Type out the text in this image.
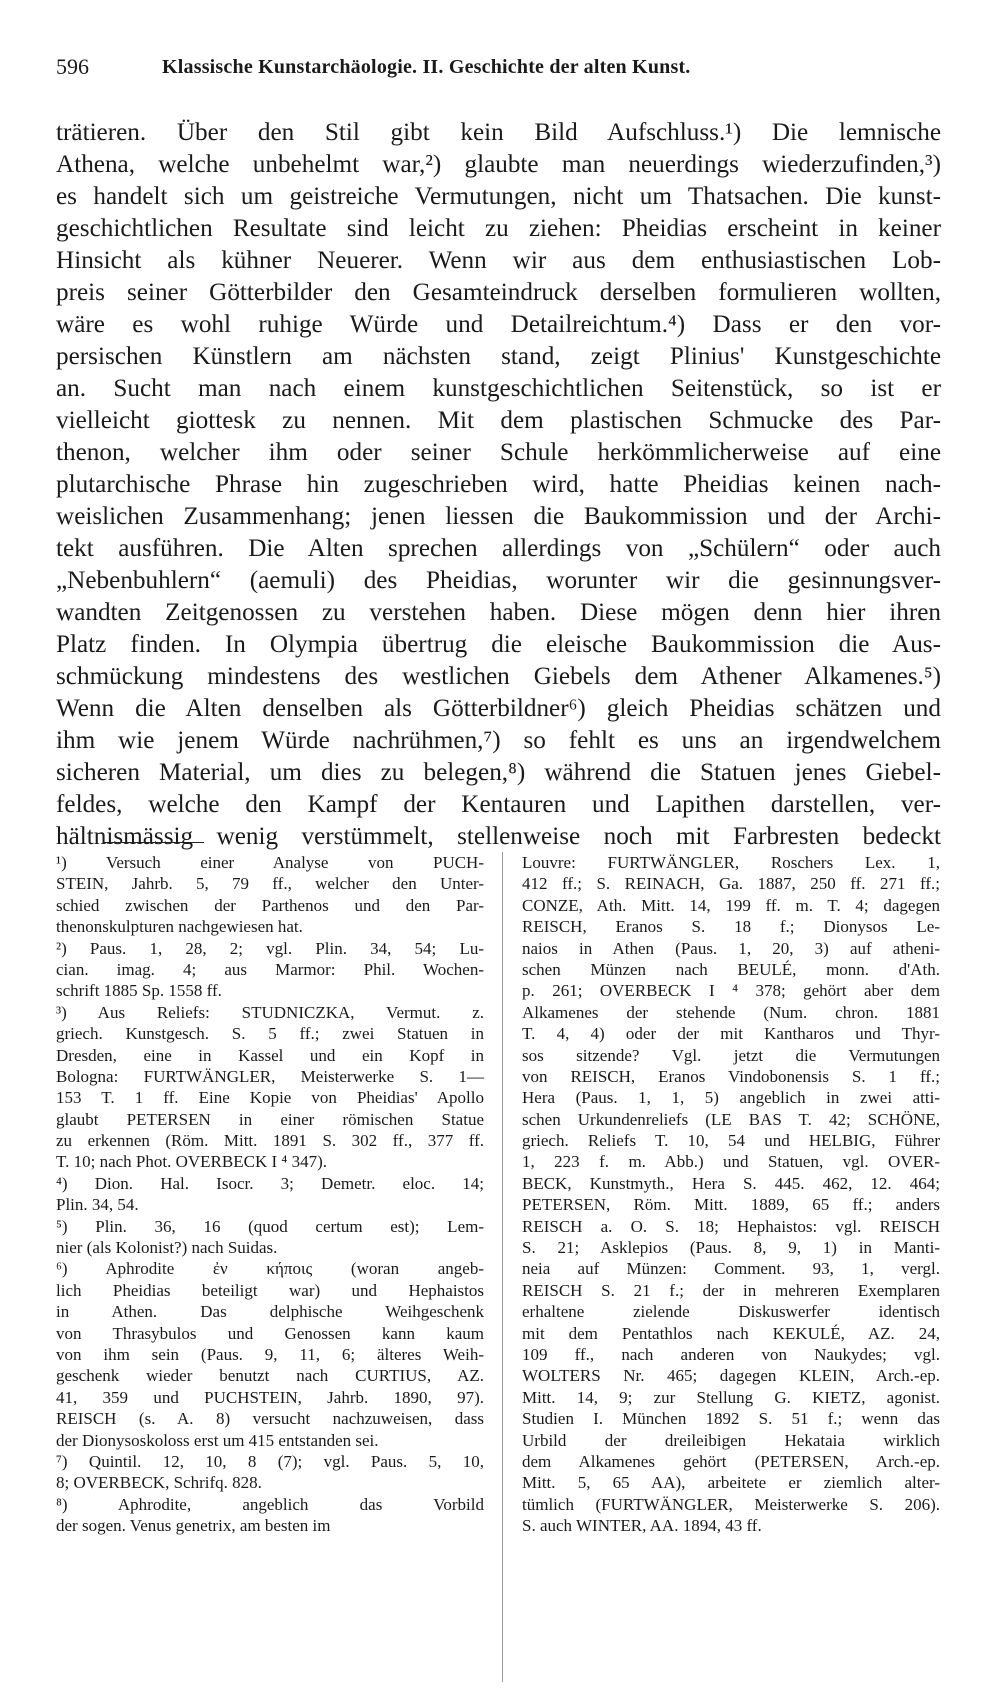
596	Klassische Kunstarchäologie. II. Geschichte der alten Kunst.
trätieren. Über den Stil gibt kein Bild Aufschluss.¹) Die lemnische
Athena, welche unbehelmt war,²) glaubte man neuerdings wiederzufinden,³)
es handelt sich um geistreiche Vermutungen, nicht um Thatsachen. Die kunst-
geschichtlichen Resultate sind leicht zu ziehen: Pheidias erscheint in keiner
Hinsicht als kühner Neuerer. Wenn wir aus dem enthusiastischen Lob-
preis seiner Götterbilder den Gesamteindruck derselben formulieren wollten,
wäre es wohl ruhige Würde und Detailreichtum.⁴) Dass er den vor-
persischen Künstlern am nächsten stand, zeigt Plinius' Kunstgeschichte
an. Sucht man nach einem kunstgeschichtlichen Seitenstück, so ist er
vielleicht giottesk zu nennen. Mit dem plastischen Schmucke des Par-
thenon, welcher ihm oder seiner Schule herkömmlicherweise auf eine
plutarchische Phrase hin zugeschrieben wird, hatte Pheidias keinen nach-
weislichen Zusammenhang; jenen liessen die Baukommission und der Archi-
tekt ausführen. Die Alten sprechen allerdings von „Schülern“ oder auch
„Nebenbuhlern“ (aemuli) des Pheidias, worunter wir die gesinnungsver-
wandten Zeitgenossen zu verstehen haben. Diese mögen denn hier ihren
Platz finden. In Olympia übertrug die eleische Baukommission die Aus-
schmückung mindestens des westlichen Giebels dem Athener Alkamenes.⁵)
Wenn die Alten denselben als Götterbildner⁶) gleich Pheidias schätzen und
ihm wie jenem Würde nachrühmen,⁷) so fehlt es uns an irgendwelchem
sicheren Material, um dies zu belegen,⁸) während die Statuen jenes Giebel-
feldes, welche den Kampf der Kentauren und Lapithen darstellen, ver-
hältnismässig wenig verstümmelt, stellenweise noch mit Farbresten bedeckt
¹) Versuch einer Analyse von PUCH-
STEIN, Jahrb. 5, 79 ff., welcher den Unter-
schied zwischen der Parthenos und den Par-
thenonskulpturen nachgewiesen hat.
²) Paus. 1, 28, 2; vgl. Plin. 34, 54; Lu-
cian. imag. 4; aus Marmor: Phil. Wochen-
schrift 1885 Sp. 1558 ff.
³) Aus Reliefs: STUDNICZKA, Vermut. z.
griech. Kunstgesch. S. 5 ff.; zwei Statuen in
Dresden, eine in Kassel und ein Kopf in
Bologna: FURTWÄNGLER, Meisterwerke S. 1—
153 T. 1 ff. Eine Kopie von Pheidias' Apollo
glaubt PETERSEN in einer römischen Statue
zu erkennen (Röm. Mitt. 1891 S. 302 ff., 377 ff.
T. 10; nach Phot. OVERBECK I ⁴ 347).
⁴) Dion. Hal. Isocr. 3; Demetr. eloc. 14;
Plin. 34, 54.
⁵) Plin. 36, 16 (quod certum est); Lem-
nier (als Kolonist?) nach Suidas.
⁶) Aphrodite ἐν κήποις (woran angeb-
lich Pheidias beteiligt war) und Hephaistos
in Athen. Das delphische Weihgeschenk
von Thrasybulos und Genossen kann kaum
von ihm sein (Paus. 9, 11, 6; älteres Weih-
geschenk wieder benutzt nach CURTIUS, AZ.
41, 359 und PUCHSTEIN, Jahrb. 1890, 97).
REISCH (s. A. 8) versucht nachzuweisen, dass
der Dionysoskoloss erst um 415 entstanden sei.
⁷) Quintil. 12, 10, 8 (7); vgl. Paus. 5, 10,
8; OVERBECK, Schrifq. 828.
⁸) Aphrodite, angeblich das Vorbild
der sogen. Venus genetrix, am besten im
Louvre: FURTWÄNGLER, Roschers Lex. 1,
412 ff.; S. REINACH, Ga. 1887, 250 ff. 271 ff.;
CONZE, Ath. Mitt. 14, 199 ff. m. T. 4; dagegen
REISCH, Eranos S. 18 f.; Dionysos Le-
naios in Athen (Paus. 1, 20, 3) auf atheni-
schen Münzen nach BEULÉ, monn. d'Ath.
p. 261; OVERBECK I ⁴ 378; gehört aber dem
Alkamenes der stehende (Num. chron. 1881
T. 4, 4) oder der mit Kantharos und Thyr-
sos sitzende? Vgl. jetzt die Vermutungen
von REISCH, Eranos Vindobonensis S. 1 ff.;
Hera (Paus. 1, 1, 5) angeblich in zwei atti-
schen Urkundenreliefs (LE BAS T. 42; SCHÖNE,
griech. Reliefs T. 10, 54 und HELBIG, Führer
1, 223 f. m. Abb.) und Statuen, vgl. OVER-
BECK, Kunstmyth., Hera S. 445. 462, 12. 464;
PETERSEN, Röm. Mitt. 1889, 65 ff.; anders
REISCH a. O. S. 18; Hephaistos: vgl. REISCH
S. 21; Asklepios (Paus. 8, 9, 1) in Manti-
neia auf Münzen: Comment. 93, 1, vergl.
REISCH S. 21 f.; der in mehreren Exemplaren
erhaltene zielende Diskuswerfer identisch
mit dem Pentathlos nach KEKULÉ, AZ. 24,
109 ff., nach anderen von Naukydes; vgl.
WOLTERS Nr. 465; dagegen KLEIN, Arch.-ep.
Mitt. 14, 9; zur Stellung G. KIETZ, agonist.
Studien I. München 1892 S. 51 f.; wenn das
Urbild der dreileibigen Hekataia wirklich
dem Alkamenes gehört (PETERSEN, Arch.-ep.
Mitt. 5, 65 AA), arbeitete er ziemlich alter-
tümlich (FURTWÄNGLER, Meisterwerke S. 206).
S. auch WINTER, AA. 1894, 43 ff.
